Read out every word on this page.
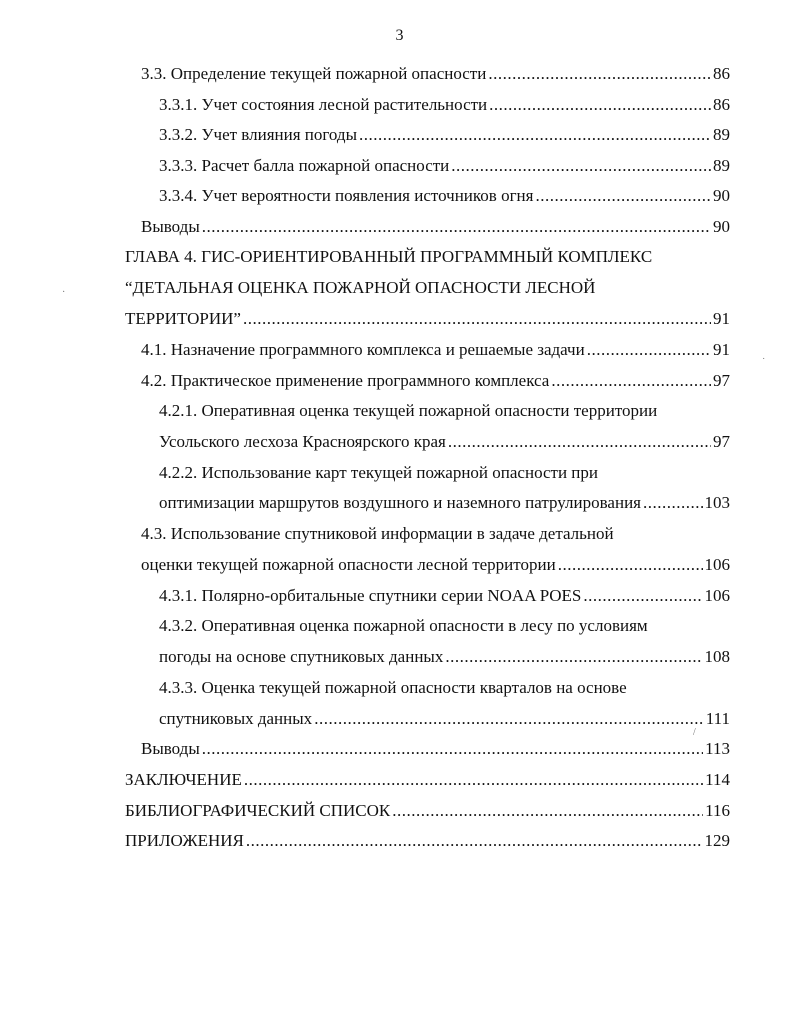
3
3.3. Определение текущей пожарной опасности .....	86
3.3.1. Учет состояния лесной растительности .....	86
3.3.2. Учет влияния погоды .....	89
3.3.3. Расчет балла пожарной опасности .....	89
3.3.4. Учет вероятности появления источников огня .....	90
Выводы .....	90
ГЛАВА 4. ГИС-ОРИЕНТИРОВАННЫЙ ПРОГРАММНЫЙ КОМПЛЕКС
“ДЕТАЛЬНАЯ ОЦЕНКА ПОЖАРНОЙ ОПАСНОСТИ ЛЕСНОЙ
ТЕРРИТОРИИ” .....	91
4.1. Назначение программного комплекса и решаемые задачи .....	91
4.2. Практическое применение программного комплекса .....	97
4.2.1. Оперативная оценка текущей пожарной опасности территории
Усольского лесхоза Красноярского края .....	97
4.2.2. Использование карт текущей пожарной опасности при
оптимизации маршрутов воздушного и наземного патрулирования .....	103
4.3. Использование спутниковой информации в задаче детальной
оценки текущей пожарной опасности лесной территории .....	106
4.3.1. Полярно-орбитальные спутники серии NOAA POES .....	106
4.3.2. Оперативная оценка пожарной опасности в лесу по условиям
погоды на основе спутниковых данных .....	108
4.3.3. Оценка текущей пожарной опасности кварталов на основе
спутниковых данных .....	111
Выводы .....	113
ЗАКЛЮЧЕНИЕ .....	114
БИБЛИОГРАФИЧЕСКИЙ СПИСОК .....	116
ПРИЛОЖЕНИЯ .....	129
·
˙
/
